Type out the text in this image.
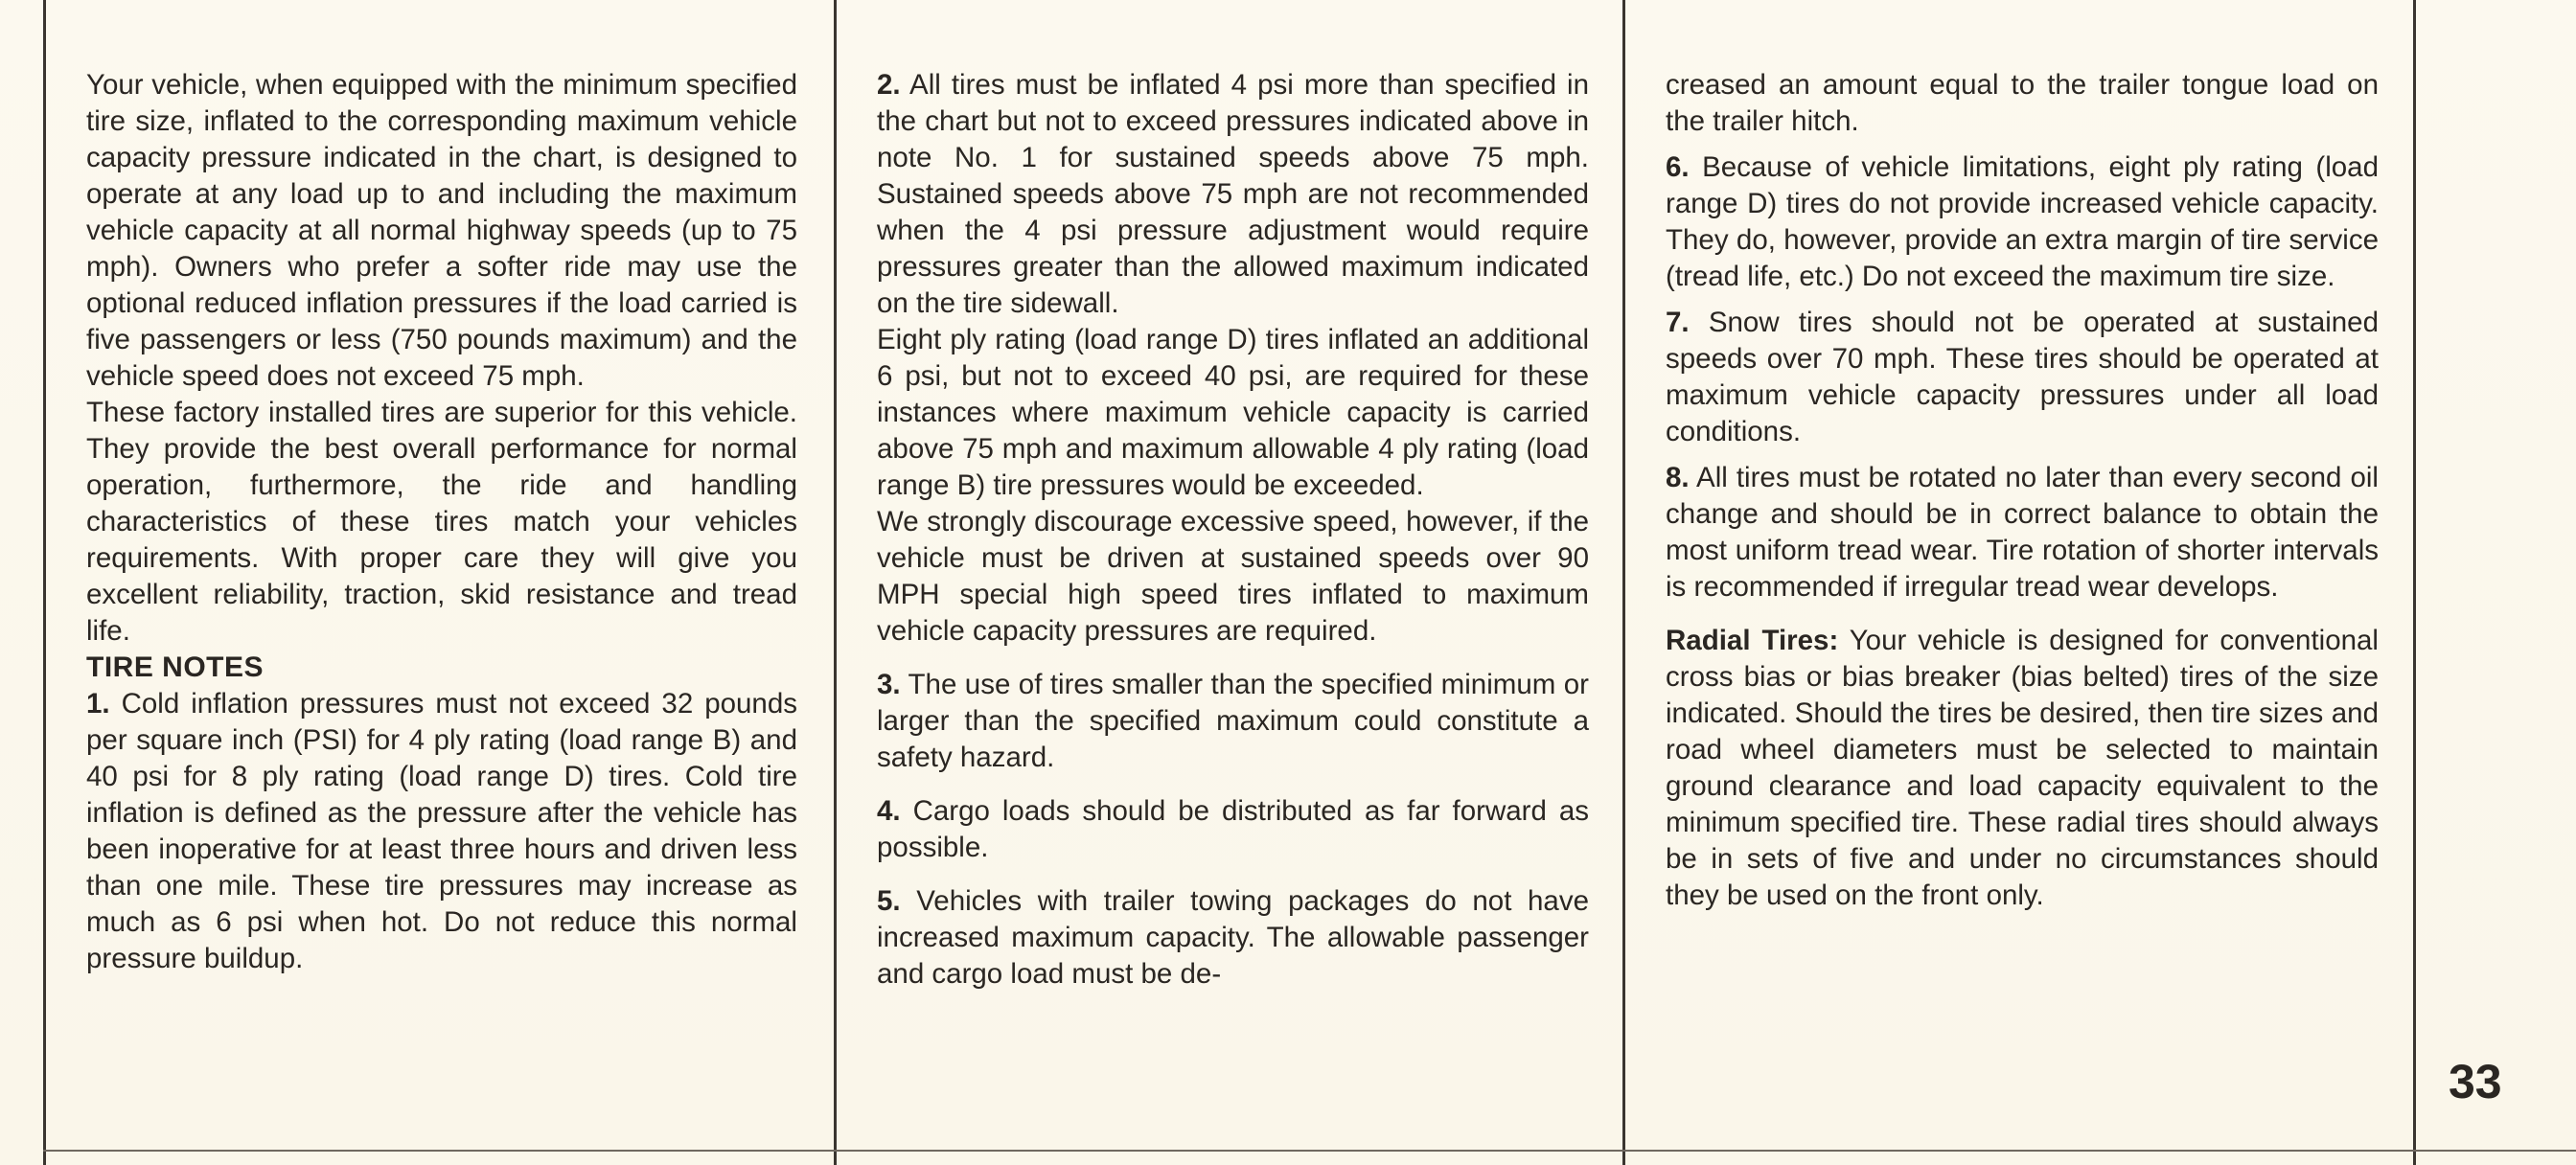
Your vehicle, when equipped with the minimum specified tire size, inflated to the corresponding maximum vehicle capacity pressure indicated in the chart, is designed to operate at any load up to and including the maximum vehicle capacity at all normal highway speeds (up to 75 mph). Owners who prefer a softer ride may use the optional reduced inflation pressures if the load carried is five passengers or less (750 pounds maximum) and the vehicle speed does not exceed 75 mph.

These factory installed tires are superior for this vehicle. They provide the best overall performance for normal operation, furthermore, the ride and handling characteristics of these tires match your vehicles requirements. With proper care they will give you excellent reliability, traction, skid resistance and tread life.

TIRE NOTES

1. Cold inflation pressures must not exceed 32 pounds per square inch (PSI) for 4 ply rating (load range B) and 40 psi for 8 ply rating (load range D) tires. Cold tire inflation is defined as the pressure after the vehicle has been inoperative for at least three hours and driven less than one mile. These tire pressures may increase as much as 6 psi when hot. Do not reduce this normal pressure buildup.

2. All tires must be inflated 4 psi more than specified in the chart but not to exceed pressures indicated above in note No. 1 for sustained speeds above 75 mph. Sustained speeds above 75 mph are not recommended when the 4 psi pressure adjustment would require pressures greater than the allowed maximum indicated on the tire sidewall.

Eight ply rating (load range D) tires inflated an additional 6 psi, but not to exceed 40 psi, are required for these instances where maximum vehicle capacity is carried above 75 mph and maximum allowable 4 ply rating (load range B) tire pressures would be exceeded.

We strongly discourage excessive speed, however, if the vehicle must be driven at sustained speeds over 90 MPH special high speed tires inflated to maximum vehicle capacity pressures are required.

3. The use of tires smaller than the specified minimum or larger than the specified maximum could constitute a safety hazard.

4. Cargo loads should be distributed as far forward as possible.

5. Vehicles with trailer towing packages do not have increased maximum capacity. The allowable passenger and cargo load must be de-

creased an amount equal to the trailer tongue load on the trailer hitch.

6. Because of vehicle limitations, eight ply rating (load range D) tires do not provide increased vehicle capacity. They do, however, provide an extra margin of tire service (tread life, etc.) Do not exceed the maximum tire size.

7. Snow tires should not be operated at sustained speeds over 70 mph. These tires should be operated at maximum vehicle capacity pressures under all load conditions.

8. All tires must be rotated no later than every second oil change and should be in correct balance to obtain the most uniform tread wear. Tire rotation of shorter intervals is recommended if irregular tread wear develops.

Radial Tires: Your vehicle is designed for conventional cross bias or bias breaker (bias belted) tires of the size indicated. Should the tires be desired, then tire sizes and road wheel diameters must be selected to maintain ground clearance and load capacity equivalent to the minimum specified tire. These radial tires should always be in sets of five and under no circumstances should they be used on the front only.

33
